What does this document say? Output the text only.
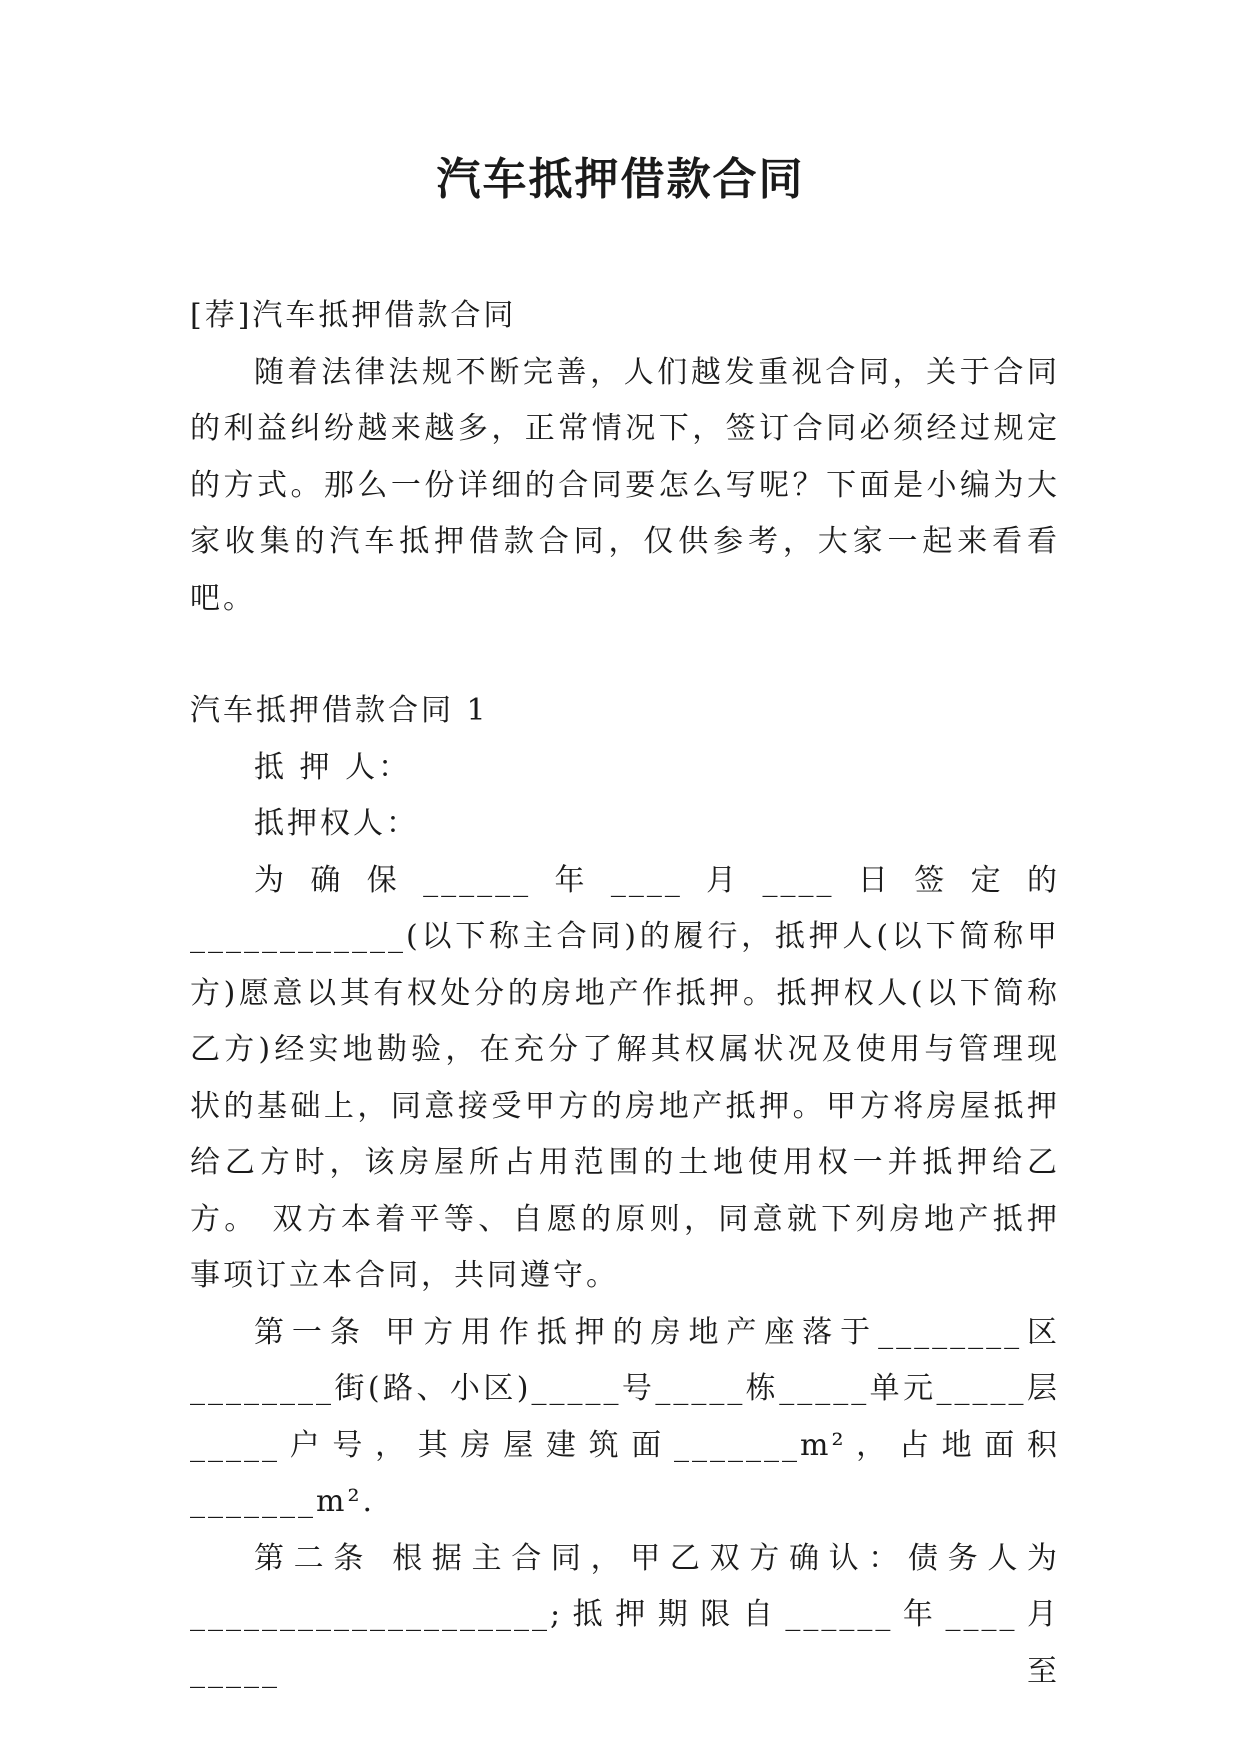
汽车抵押借款合同

[荐]汽车抵押借款合同

随着法律法规不断完善，人们越发重视合同，关于合同的利益纠纷越来越多，正常情况下，签订合同必须经过规定的方式。那么一份详细的合同要怎么写呢？下面是小编为大家收集的汽车抵押借款合同，仅供参考，大家一起来看看吧。

汽车抵押借款合同 1

抵 押 人：

抵押权人：

为确保______年____月____日签定的____________(以下称主合同)的履行，抵押人(以下简称甲方)愿意以其有权处分的房地产作抵押。抵押权人(以下简称乙方)经实地勘验，在充分了解其权属状况及使用与管理现状的基础上，同意接受甲方的房地产抵押。甲方将房屋抵押给乙方时，该房屋所占用范围的土地使用权一并抵押给乙方。 双方本着平等、自愿的原则，同意就下列房地产抵押事项订立本合同，共同遵守。

第一条 甲方用作抵押的房地产座落于________区________街(路、小区)_____号_____栋_____单元_____层_____户号，其房屋建筑面_______m²，占地面积_______m².

第二条 根据主合同，甲乙双方确认：债务人为____________________;抵押期限自______年____月_____至
